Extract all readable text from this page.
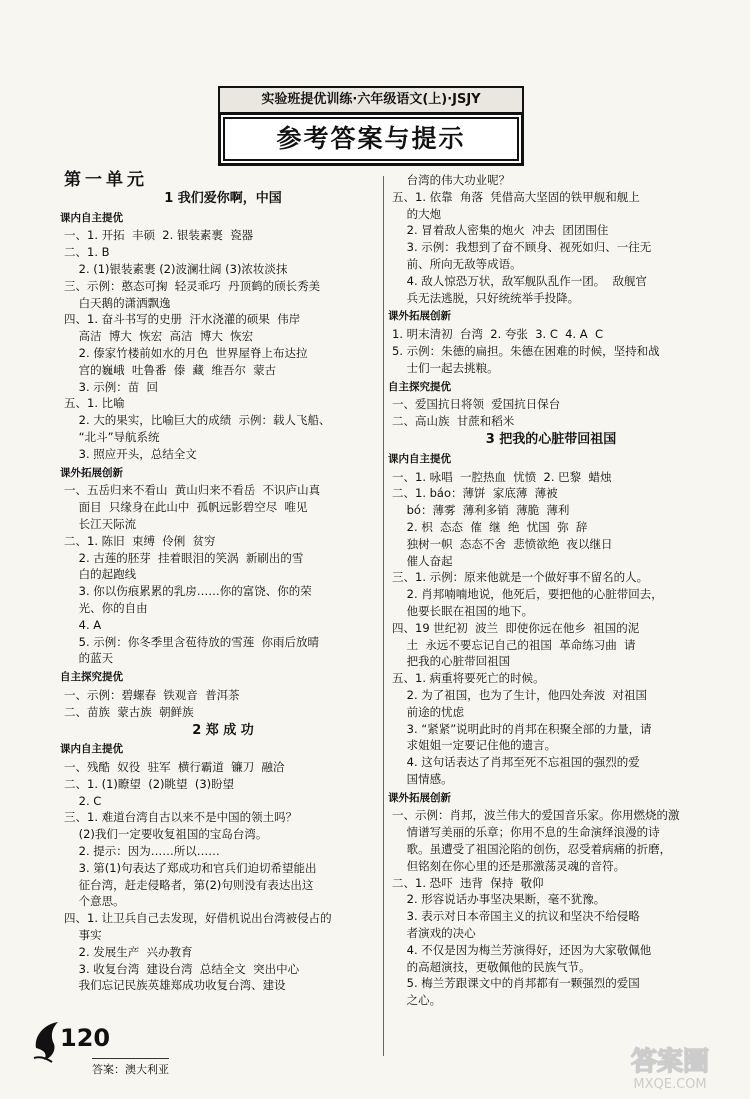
实验班提优训练·六年级语文(上)·JSJY
参考答案与提示
第一单元
1 我们爱你啊，中国
课内自主提优
一、1. 开拓  丰硕  2. 银装素裹  瓷器
二、1. B
2. (1)银装素裹 (2)波澜壮阔 (3)浓妆淡抹
三、示例：憨态可掬  轻灵乖巧  丹顶鹤的颀长秀美
白天鹅的潇洒飘逸
四、1. 奋斗书写的史册  汗水浇灌的硕果  伟岸
高洁  博大  恢宏  高洁  博大  恢宏
2. 傣家竹楼前如水的月色  世界屋脊上布达拉
宫的巍峨  吐鲁番  傣  藏  维吾尔  蒙古
3. 示例：苗  回
五、1. 比喻
2. 大的果实，比喻巨大的成绩  示例：载人飞船、
“北斗”导航系统
3. 照应开头，总结全文
课外拓展创新
一、五岳归来不看山  黄山归来不看岳  不识庐山真
面目  只缘身在此山中  孤帆远影碧空尽  唯见
长江天际流
二、1. 陈旧  束缚  伶俐  贫穷
2. 古莲的胚芽  挂着眼泪的笑涡  新刷出的雪
白的起跑线
3. 你以伤痕累累的乳房……你的富饶、你的荣
光、你的自由
4. A
5. 示例：你冬季里含苞待放的雪莲  你雨后放晴
的蓝天
自主探究提优
一、示例：碧螺春  铁观音  普洱茶
二、苗族  蒙古族  朝鲜族
2 郑 成 功
课内自主提优
一、残酷  奴役  驻军  横行霸道  镰刀  融洽
二、1. (1)瞭望  (2)眺望  (3)盼望
2. C
三、1. 难道台湾自古以来不是中国的领土吗？
(2)我们一定要收复祖国的宝岛台湾。
2. 提示：因为……所以……
3. 第(1)句表达了郑成功和官兵们迫切希望能出
征台湾，赶走侵略者，第(2)句则没有表达出这
个意思。
四、1. 让卫兵自己去发现，好借机说出台湾被侵占的
事实
2. 发展生产  兴办教育
3. 收复台湾  建设台湾  总结全文  突出中心
我们忘记民族英雄郑成功收复台湾、建设
台湾的伟大功业呢？
五、1. 依靠  角落  凭借高大坚固的铁甲舰和舰上
的大炮
2. 冒着敌人密集的炮火  冲去  团团围住
3. 示例：我想到了奋不顾身、视死如归、一往无
前、所向无敌等成语。
4. 敌人惊恐万状，敌军舰队乱作一团。  敌舰官
兵无法逃脱，只好统统举手投降。
课外拓展创新
1. 明末清初  台湾  2. 夸张  3. C  4. A  C
5. 示例：朱德的扁担。朱德在困难的时候，坚持和战
士们一起去挑粮。
自主探究提优
一、爱国抗日将领  爱国抗日保台
二、高山族  甘蔗和稻米
3 把我的心脏带回祖国
课内自主提优
一、1. 咏唱  一腔热血  忧愤  2. 巴黎  蜡烛
二、1. báo：薄饼  家底薄  薄被
bó：薄雾  薄利多销  薄脆  薄利
2. 枳  态态  傕  继  绝  忧国  弥  辞
独树一帜  态态不舍  悲愤欲绝  夜以继日
催人奋起
三、1. 示例：原来他就是一个做好事不留名的人。
2. 肖邦喃喃地说，他死后，要把他的心脏带回去，
他要长眠在祖国的地下。
四、19 世纪初  波兰  即使你远在他乡  祖国的泥
土  永远不要忘记自己的祖国  革命练习曲  请
把我的心脏带回祖国
五、1. 病重将要死亡的时候。
2. 为了祖国，也为了生计，他四处奔波  对祖国
前途的忧虑
3. “紧紧”说明此时的肖邦在积聚全部的力量，请
求姐姐一定要记住他的遗言。
4. 这句话表达了肖邦至死不忘祖国的强烈的爱
国情感。
课外拓展创新
一、示例：肖邦，波兰伟大的爱国音乐家。你用燃烧的激
情谱写美丽的乐章；你用不息的生命演绎浪漫的诗
歌。虽遭受了祖国沦陷的创伤，忍受着病痛的折磨，
但铭刻在你心里的还是那激荡灵魂的音符。
二、1. 恐吓  违背  保持  敬仰
2. 形容说话办事坚决果断，毫不犹豫。
3. 表示对日本帝国主义的抗议和坚决不给侵略
者演戏的决心
4. 不仅是因为梅兰芳演得好，还因为大家敬佩他
的高超演技，更敬佩他的民族气节。
5. 梅兰芳跟课文中的肖邦都有一颗强烈的爱国
之心。
120
答案：澳大利亚	答案圈
MXQE.COM
